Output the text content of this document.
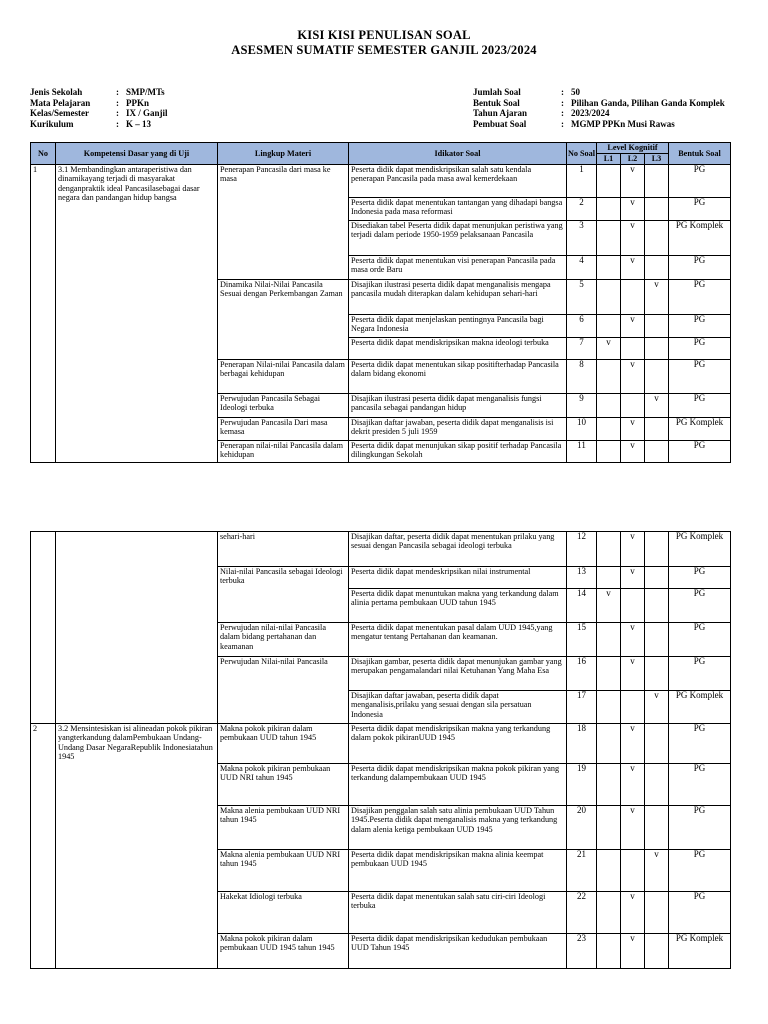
KISI KISI PENULISAN SOAL
ASESMEN SUMATIF SEMESTER GANJIL 2023/2024
Jenis Sekolah	: SMP/MTs
Mata Pelajaran	: PPKn
Kelas/Semester	: IX / Ganjil
Kurikulum	: K – 13
Jumlah Soal	: 50
Bentuk Soal	: Pilihan Ganda, Pilihan Ganda Komplek
Tahun Ajaran	: 2023/2024
Pembuat Soal	: MGMP PPKn Musi Rawas
No	Kompetensi Dasar yang di Uji	Lingkup Materi	Idikator Soal	No Soal	Level Kognitif			Bentuk Soal
					L1	L2	L3	
1	3.1 Membandingkan antaraperistiwa dan dinamikayang terjadi di masyarakat denganpraktik ideal Pancasilasebagai dasar negara dan pandangan hidup bangsa	Penerapan Pancasila dari masa ke masa	Peserta didik dapat mendiskripsikan salah satu kendala penerapan Pancasila pada masa awal kemerdekaan	1		v		PG
			Peserta didik dapat menentukan tantangan yang dihadapi bangsa Indonesia pada masa reformasi	2		v		PG
			Disediakan tabel Peserta didik dapat menunjukan peristiwa yang terjadi dalam periode 1950-1959 pelaksanaan Pancasila	3		v		PG Komplek
			Peserta didik dapat menentukan visi penerapan Pancasila pada masa orde Baru	4		v		PG
		Dinamika Nilai-Nilai Pancasila Sesuai dengan Perkembangan Zaman	Disajikan ilustrasi peserta didik dapat menganalisis mengapa pancasila mudah diterapkan dalam kehidupan sehari-hari	5			v	PG
			Peserta didik dapat menjelaskan pentingnya Pancasila bagi Negara Indonesia	6		v		PG
			Peserta didik dapat mendiskripsikan makna ideologi terbuka	7	v			PG
		Penerapan Nilai-nilai Pancasila dalam berbagai kehidupan	Peserta didik dapat menentukan sikap positifterhadap Pancasila dalam bidang ekonomi	8		v		PG
		Perwujudan Pancasila Sebagai Ideologi terbuka	Disajikan ilustrasi peserta didik dapat menganalisis fungsi pancasila sebagai pandangan hidup	9			v	PG
		Perwujudan Pancasila Dari masa kemasa	Disajikan daftar jawaban, peserta didik dapat menganalisis isi dekrit presiden 5 juli 1959	10		v		PG Komplek
		Penerapan nilai-nilai Pancasila dalam kehidupan	Peserta didik dapat menunjukan sikap positif terhadap Pancasila dilingkungan Sekolah	11		v		PG
		sehari-hari	Disajikan daftar, peserta didik dapat menentukan prilaku yang sesuai dengan Pancasila sebagai ideologi terbuka	12		v		PG Komplek
		Nilai-nilai Pancasila sebagai Ideologi terbuka	Peserta didik dapat mendeskripsikan nilai instrumental	13		v		PG
			Peserta didik dapat menuntukan makna yang terkandung dalam alinia pertama pembukaan UUD tahun 1945	14	v			PG
		Perwujudan nilai-nilai Pancasila dalam bidang pertahanan dan keamanan	Peserta didik dapat menentukan pasal dalam UUD 1945,yang mengatur tentang Pertahanan dan keamanan.	15		v		PG
		Perwujudan Nilai-nilai Pancasila	Disajikan gambar, peserta didik dapat menunjukan gambar yang merupakan pengamalandari nilai Ketuhanan Yang Maha Esa	16		v		PG
			Disajikan daftar jawaban, peserta didik dapat menganalisis,prilaku yang sesuai dengan sila persatuan Indonesia	17			v	PG Komplek
2	3.2 Mensintesiskan isi alineadan pokok pikiran yangterkandung dalamPembukaan Undang-Undang Dasar NegaraRepublik Indonesiatahun 1945	Makna pokok pikiran dalam pembukaan UUD tahun 1945	Peserta didik dapat mendiskripsikan makna yang terkandung dalam pokok pikiranUUD 1945	18		v		PG
		Makna pokok pikiran pembukaan UUD NRI tahun 1945	Peserta didik dapat mendiskripsikan makna pokok pikiran yang terkandung dalampembukaan UUD 1945	19		v		PG
		Makna alenia pembukaan UUD NRI tahun 1945	Disajikan penggalan salah satu alinia pembukaan UUD Tahun 1945.Peserta didik dapat menganalisis makna yang terkandung dalam alenia ketiga pembukaan UUD 1945	20		v		PG
		Makna alenia pembukaan UUD NRI tahun 1945	Peserta didik dapat mendiskripsikan makna alinia keempat pembukaan UUD 1945	21			v	PG
		Hakekat Idiologi terbuka	Peserta didik dapat menentukan salah satu ciri-ciri Ideologi terbuka	22		v		PG
		Makna pokok pikiran dalam pembukaan UUD 1945 tahun 1945	Peserta didik dapat mendiskripsikan kedudukan pembukaan UUD Tahun 1945	23		v		PG Komplek
